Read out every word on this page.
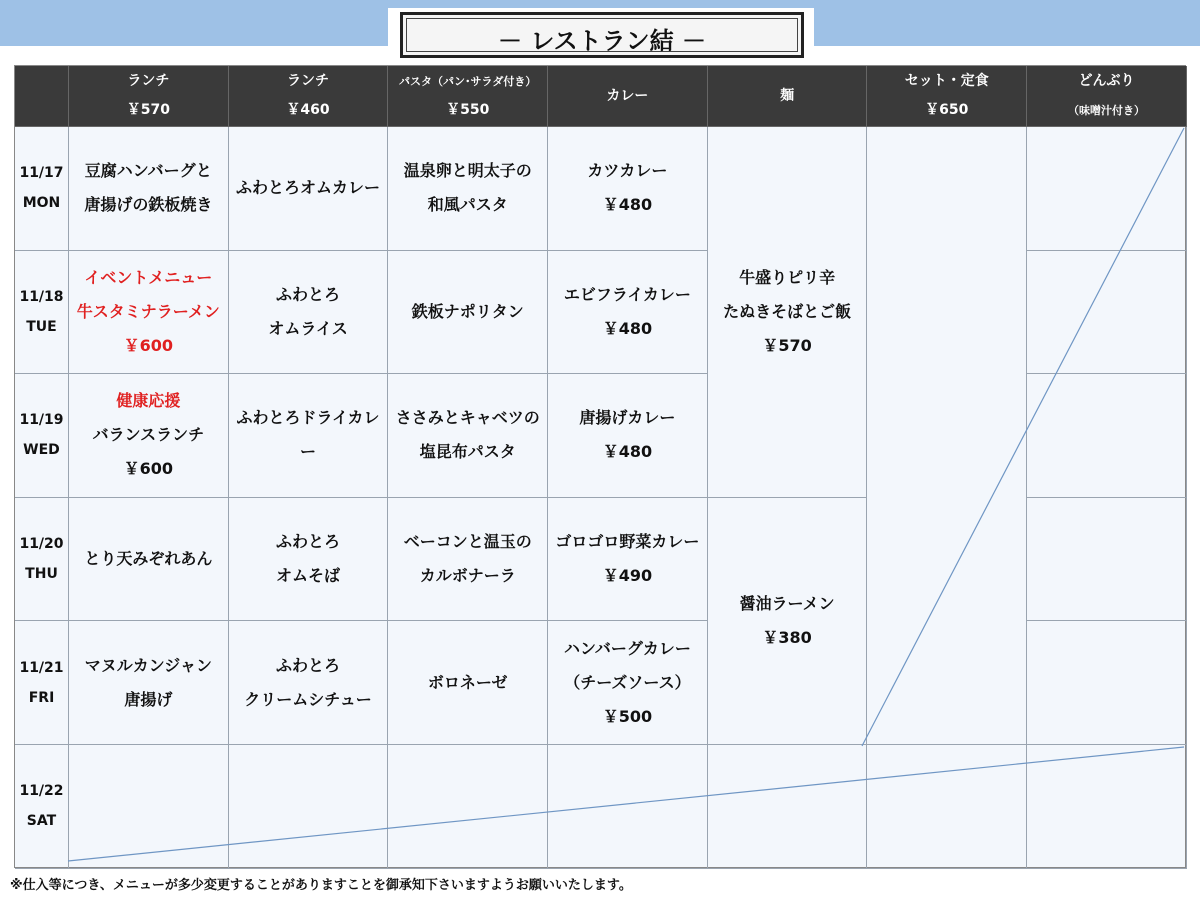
－ レストラン結 －
ランチ
￥570
ランチ
￥460
パスタ（パン･サラダ付き）
￥550
カレー	麺
セット・定食
￥650
どんぶり
（味噌汁付き）
11/17
MON
豆腐ハンバーグと
唐揚げの鉄板焼き
ふわとろオムカレー
温泉卵と明太子の
和風パスタ
カツカレー
￥480
11/18
TUE
イベントメニュー
牛スタミナラーメン
￥600
ふわとろ
オムライス
鉄板ナポリタン
エビフライカレー
￥480
11/19
WED
健康応援
バランスランチ
￥600
ふわとろドライカレー
ささみとキャベツの
塩昆布パスタ
唐揚げカレー
￥480
11/20
THU
とり天みぞれあん
ふわとろ
オムそば
ベーコンと温玉の
カルボナーラ
ゴロゴロ野菜カレー
￥490
11/21
FRI
マヌルカンジャン
唐揚げ
ふわとろ
クリームシチュー
ボロネーゼ
ハンバーグカレー
（チーズソース）
￥500
牛盛りピリ辛
たぬきそばとご飯
￥570
醤油ラーメン
￥380
11/22
SAT
※仕入等につき、メニューが多少変更することがありますことを御承知下さいますようお願いいたします。
